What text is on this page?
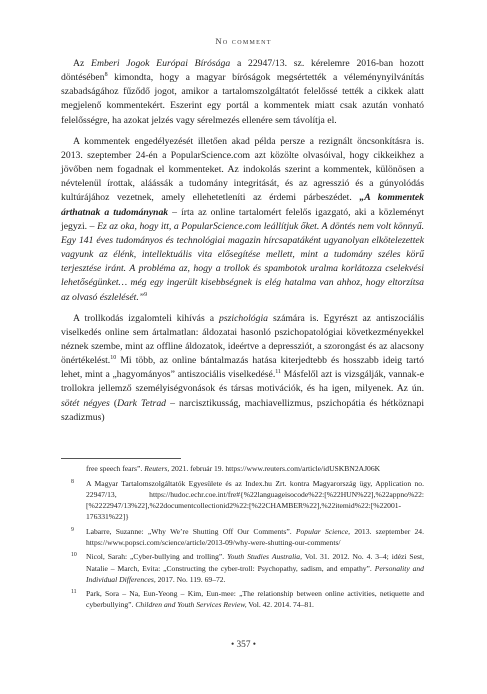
No comment

Az Emberi Jogok Európai Bírósága a 22947/13. sz. kérelemre 2016-ban hozott döntésében$^8$ kimondta, hogy a magyar bíróságok megsértették a véleménynyilvánítás szabadságához fűződő jogot, amikor a tartalomszolgáltatót felelőssé tették a cikkek alatt megjelenő kommentekért. Eszerint egy portál a kommentek miatt csak azután vonható felelősségre, ha azokat jelzés vagy sérelmezés ellenére sem távolítja el.

A kommentek engedélyezését illetően akad példa persze a rezignált öncsonkításra is. 2013. szeptember 24-én a PopularScience.com azt közölte olvasóival, hogy cikkeikhez a jövőben nem fogadnak el kommenteket. Az indokolás szerint a kommentek, különösen a névtelenül írottak, aláássák a tudomány integritását, és az agresszió és a gúnyolódás kultúrájához vezetnek, amely ellehetetleníti az érdemi párbeszédet. „A kommentek árthatnak a tudománynak – írta az online tartalomért felelős igazgató, aki a közleményt jegyzi. – Ez az oka, hogy itt, a PopularScience.com leállítjuk őket. A döntés nem volt könnyű. Egy 141 éves tudományos és technológiai magazin hírcsapatáként ugyanolyan elkötelezettek vagyunk az élénk, intellektuális vita elősegítése mellett, mint a tudomány széles körű terjesztése iránt. A probléma az, hogy a trollok és spambotok uralma korlátozza cselekvési lehetőségünket… még egy ingerült kisebbségnek is elég hatalma van ahhoz, hogy eltorzítsa az olvasó észlelését.”$^9$

A trollkodás izgalomteli kihívás a pszichológia számára is. Egyrészt az antiszociális viselkedés online sem ártalmatlan: áldozatai hasonló pszichopatológiai következményekkel néznek szembe, mint az offline áldozatok, ideértve a depressziót, a szorongást és az alacsony önértékelést.$^{10}$ Mi több, az online bántalmazás hatása kiterjedtebb és hosszabb ideig tartó lehet, mint a „hagyományos” antiszociális viselkedésé.$^{11}$ Másfelől azt is vizsgálják, vannak-e trollokra jellemző személyiségvonások és társas motivációk, és ha igen, milyenek. Az ún. sötét négyes (Dark Tetrad – narcisztikusság, machiavellizmus, pszichopátia és hétköznapi szadizmus)

free speech fears”. Reuters, 2021. február 19. https://www.reuters.com/article/idUSKBN2AJ06K
8 A Magyar Tartalomszolgáltatók Egyesülete és az Index.hu Zrt. kontra Magyarország ügy, Application no. 22947/13, https://hudoc.echr.coe.int/fre#{%22languageisocode%22:[%22HUN%22],%22appno%22:[%2222947/13%22],%22documentcollectionid2%22:[%22CHAMBER%22],%22itemid%22:[%22001-176331%22]}
9 Labarre, Suzanne: „Why We’re Shutting Off Our Comments”. Popular Science, 2013. szeptember 24. https://www.popsci.com/science/article/2013-09/why-were-shutting-our-comments/
10 Nicol, Sarah: „Cyber-bullying and trolling”. Youth Studies Australia, Vol. 31. 2012. No. 4. 3–4; idézi Sest, Natalie – March, Evita: „Constructing the cyber-troll: Psychopathy, sadism, and empathy”. Personality and Individual Differences, 2017. No. 119. 69–72.
11 Park, Sora – Na, Eun-Yeong – Kim, Eun-mee: „The relationship between online activities, netiquette and cyberbullying”. Children and Youth Services Review, Vol. 42. 2014. 74–81.
• 357 •
